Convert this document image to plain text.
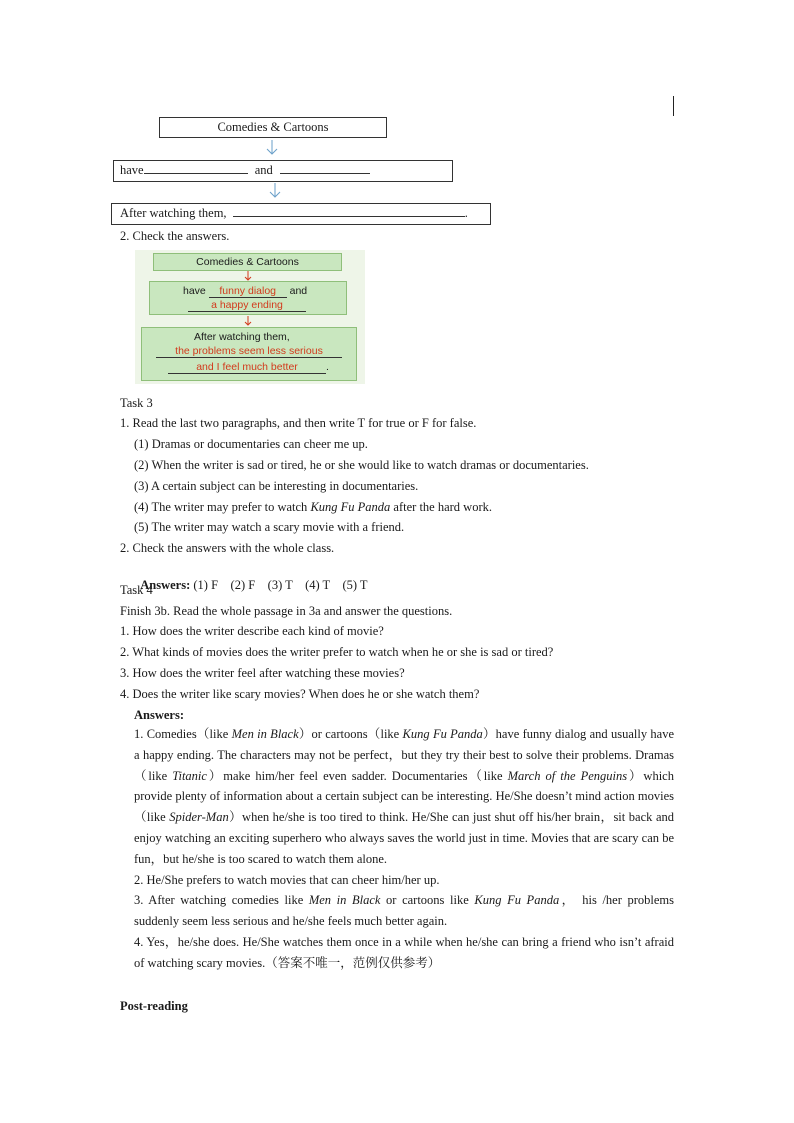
Comedies & Cartoons
have	and
After watching them,	.
2. Check the answers.
Comedies & Cartoons
have funny dialog and
a happy ending
After watching them,
the problems seem less serious
and I feel much better	.
Task 3
1. Read the last two paragraphs, and then write T for true or F for false.
(1) Dramas or documentaries can cheer me up.
(2) When the writer is sad or tired, he or she would like to watch dramas or documentaries.
(3) A certain subject can be interesting in documentaries.
(4) The writer may prefer to watch Kung Fu Panda after the hard work.
(5) The writer may watch a scary movie with a friend.
2. Check the answers with the whole class.

Answers: (1) F    (2) F    (3) T    (4) T    (5) T

Task 4
Finish 3b. Read the whole passage in 3a and answer the questions.
1. How does the writer describe each kind of movie?
2. What kinds of movies does the writer prefer to watch when he or she is sad or tired?
3. How does the writer feel after watching these movies?
4. Does the writer like scary movies? When does he or she watch them?
Answers:

1. Comedies（like Men in Black）or cartoons（like Kung Fu Panda）have funny dialog and usually have a happy ending. The characters may not be perfect，but they try their best to solve their problems. Dramas（like Titanic）make him/her feel even sadder. Documentaries（like March of the Penguins）which provide plenty of information about a certain subject can be interesting. He/She doesn’t mind action movies（like Spider-Man）when he/she is too tired to think. He/She can just shut off his/her brain，sit back and enjoy watching an exciting superhero who always saves the world just in time. Movies that are scary can be fun，but he/she is too scared to watch them alone.

2. He/She prefers to watch movies that can cheer him/her up.

3. After watching comedies like Men in Black or cartoons like Kung Fu Panda， his /her problems suddenly seem less serious and he/she feels much better again.

4. Yes，he/she does. He/She watches them once in a while when he/she can bring a friend who isn’t afraid of watching scary movies.（答案不唯一，范例仅供参考）

Post-reading
